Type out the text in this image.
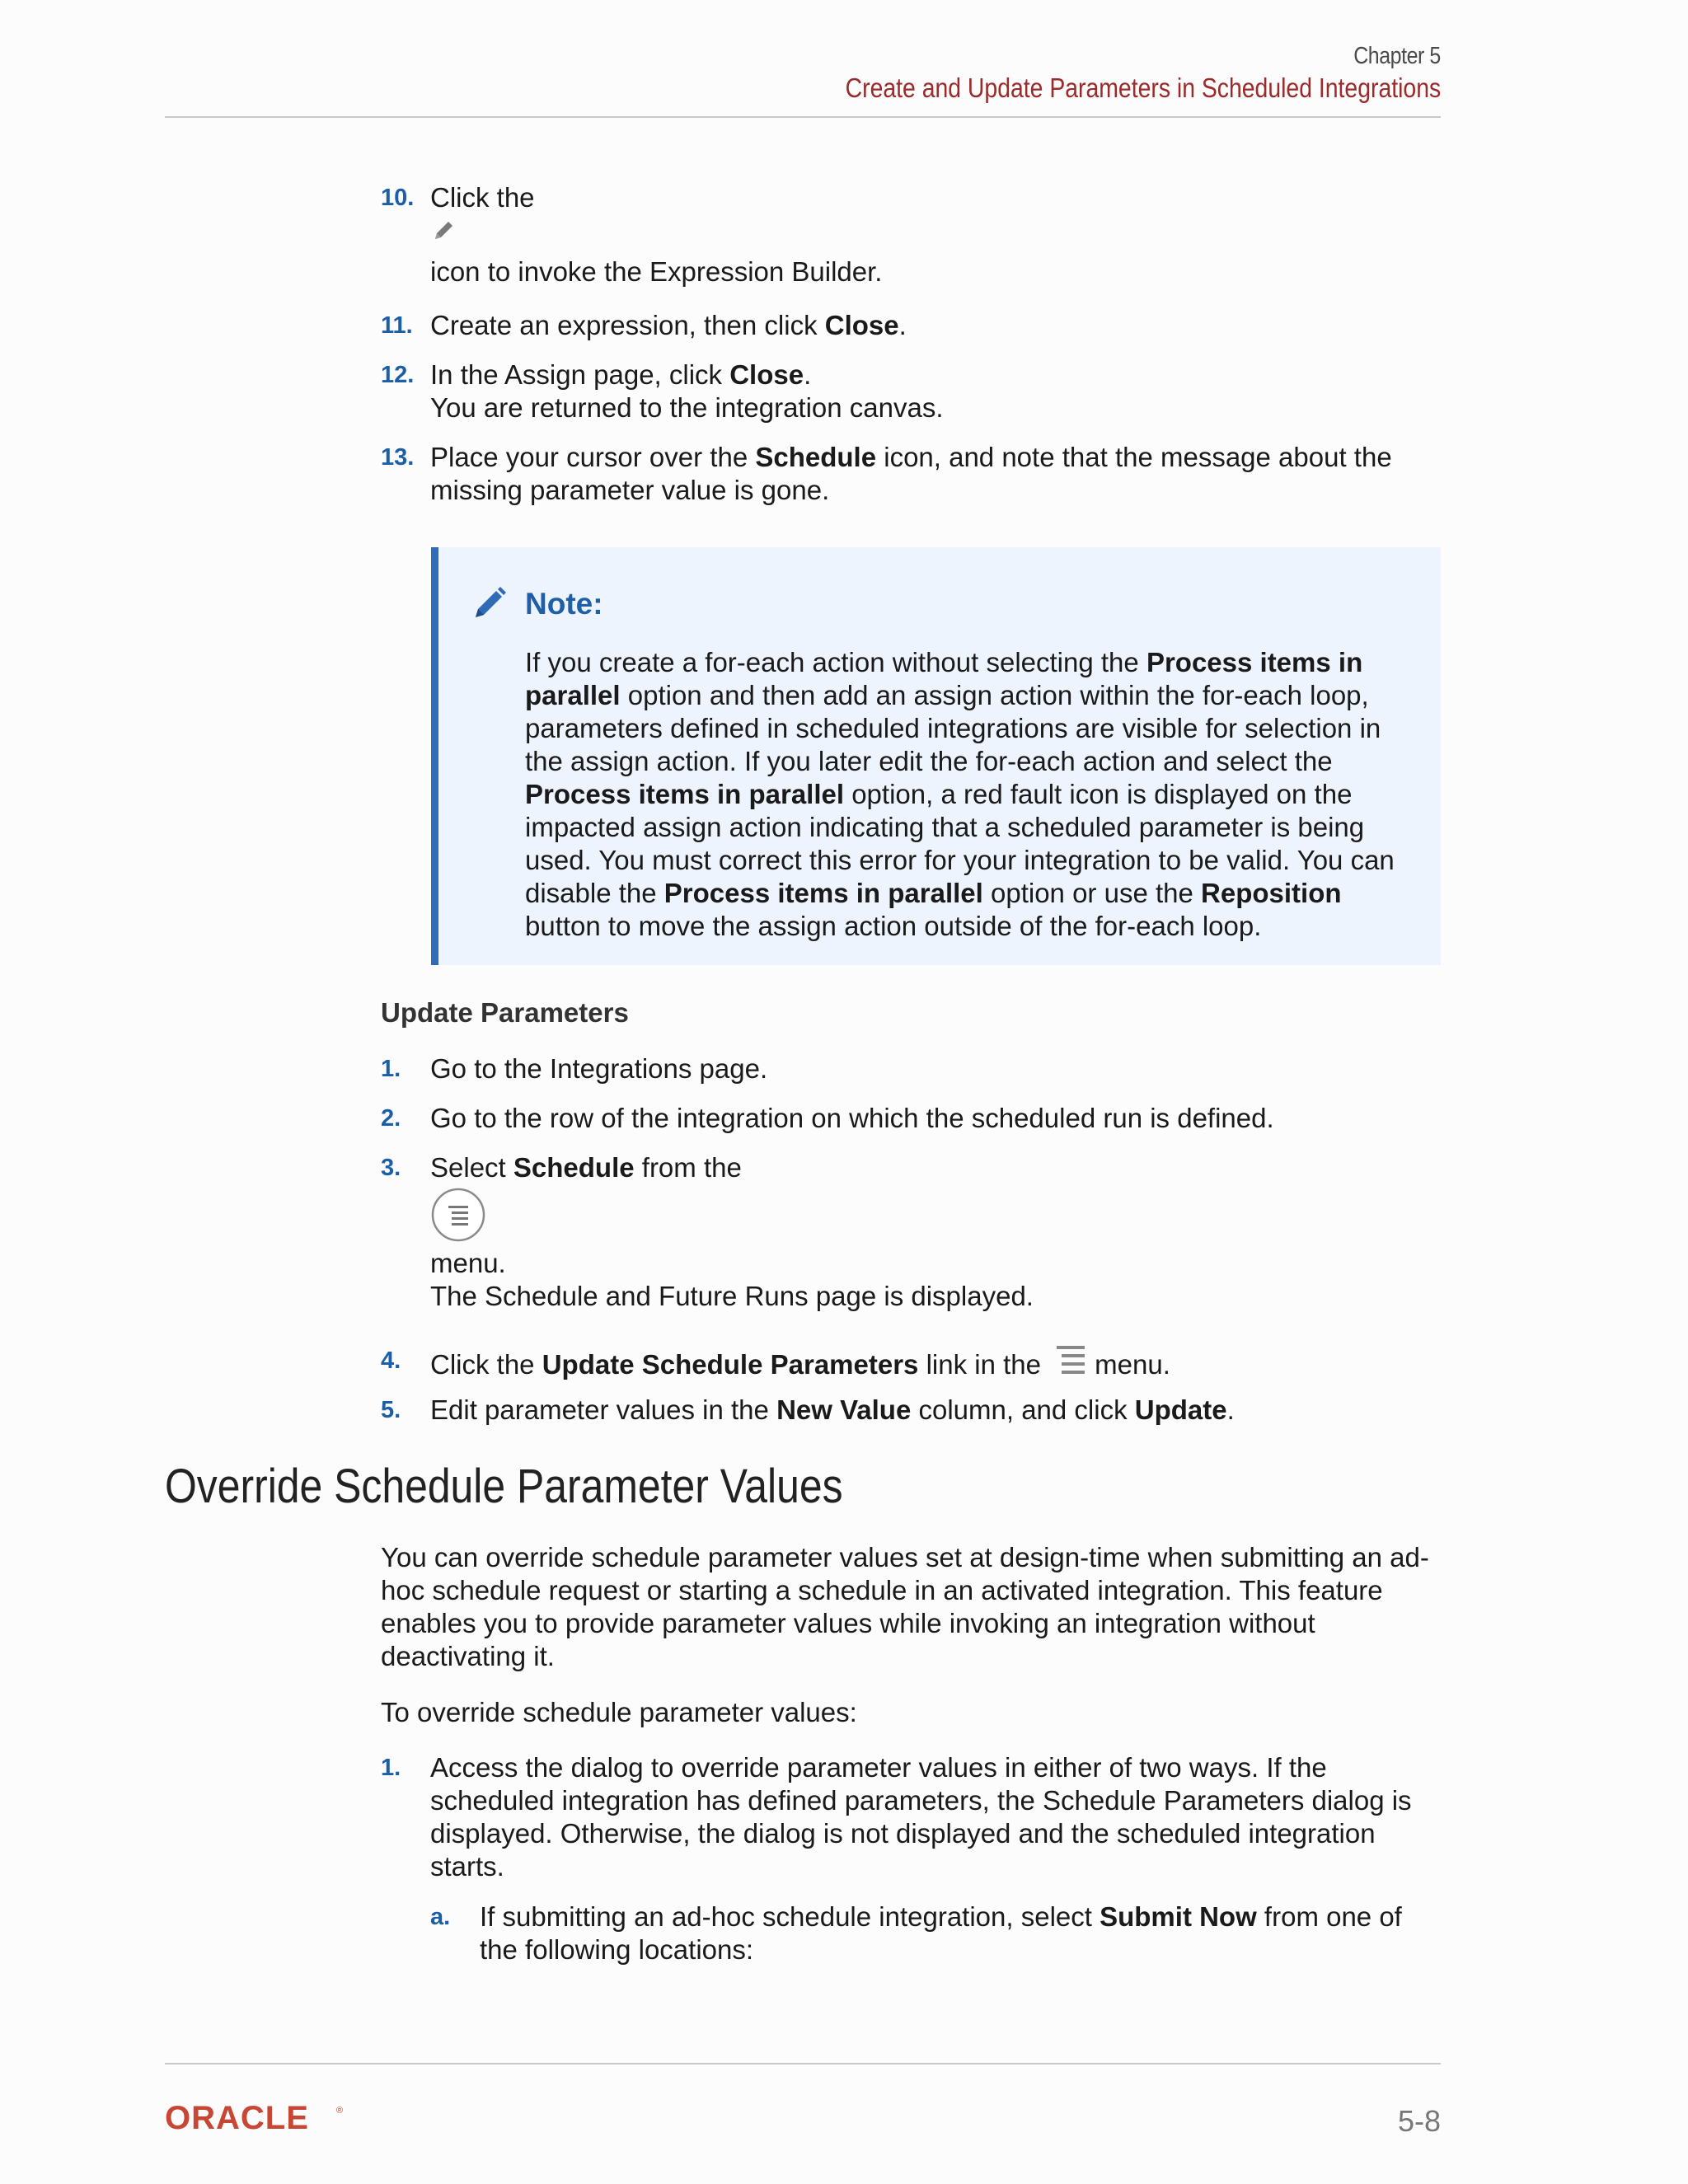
Chapter 5
Create and Update Parameters in Scheduled Integrations
10. Click the
icon to invoke the Expression Builder.
11. Create an expression, then click Close.
12. In the Assign page, click Close.
You are returned to the integration canvas.
13. Place your cursor over the Schedule icon, and note that the message about the missing parameter value is gone.
Note:
If you create a for-each action without selecting the Process items in parallel option and then add an assign action within the for-each loop, parameters defined in scheduled integrations are visible for selection in the assign action. If you later edit the for-each action and select the Process items in parallel option, a red fault icon is displayed on the impacted assign action indicating that a scheduled parameter is being used. You must correct this error for your integration to be valid. You can disable the Process items in parallel option or use the Reposition button to move the assign action outside of the for-each loop.
Update Parameters
1. Go to the Integrations page.
2. Go to the row of the integration on which the scheduled run is defined.
3. Select Schedule from the
menu.
The Schedule and Future Runs page is displayed.
4. Click the Update Schedule Parameters link in the menu.
5. Edit parameter values in the New Value column, and click Update.
Override Schedule Parameter Values
You can override schedule parameter values set at design-time when submitting an ad-hoc schedule request or starting a schedule in an activated integration. This feature enables you to provide parameter values while invoking an integration without deactivating it.
To override schedule parameter values:
1. Access the dialog to override parameter values in either of two ways. If the scheduled integration has defined parameters, the Schedule Parameters dialog is displayed. Otherwise, the dialog is not displayed and the scheduled integration starts.
a. If submitting an ad-hoc schedule integration, select Submit Now from one of the following locations:
ORACLE	®	5-8
